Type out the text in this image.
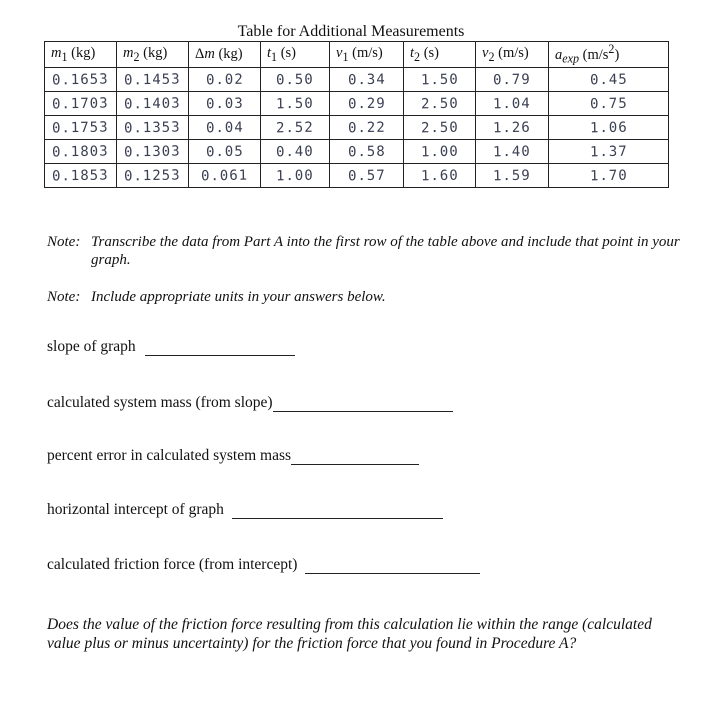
Table for Additional Measurements
$m_1$ (kg)	$m_2$ (kg)	Δm (kg)	$t_1$ (s)	$v_1$ (m/s)	$t_2$ (s)	$v_2$ (m/s)	$a_{exp}$ $(m/s^2)$
0.1653	0.1453	0.02	0.50	0.34	1.50	0.79	0.45
0.1703	0.1403	0.03	1.50	0.29	2.50	1.04	0.75
0.1753	0.1353	0.04	2.52	0.22	2.50	1.26	1.06
0.1803	0.1303	0.05	0.40	0.58	1.00	1.40	1.37
0.1853	0.1253	0.061	1.00	0.57	1.60	1.59	1.70
Note: Transcribe the data from Part A into the first row of the table above and include that point in your graph.
Note: Include appropriate units in your answers below.
slope of graph
calculated system mass (from slope)
percent error in calculated system mass
horizontal intercept of graph
calculated friction force (from intercept)
Does the value of the friction force resulting from this calculation lie within the range (calculated value plus or minus uncertainty) for the friction force that you found in Procedure A?
